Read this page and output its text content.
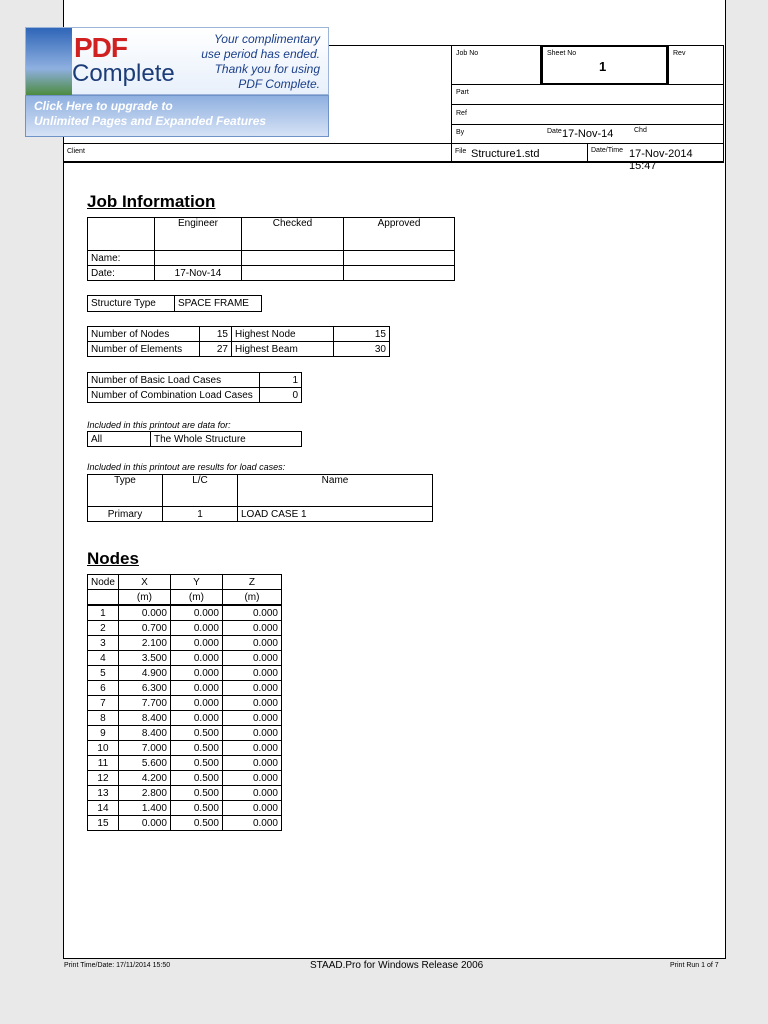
PDF
Complete
Your complimentary
use period has ended.
Thank you for using
PDF Complete.
Click Here to upgrade to
Unlimited Pages and Expanded Features
Job No	Sheet No
1
Rev
Part
Ref
By	Date 17-Nov-14	Chd
Client	File Structure1.std	Date/Time 17-Nov-2014 15:47
Job Information
	Engineer	Checked	Approved
Name:			
Date:	17-Nov-14		
Structure Type	SPACE FRAME
Number of Nodes	15	Highest Node	15
Number of Elements	27	Highest Beam	30
Number of Basic Load Cases	1
Number of Combination Load Cases	0
Included in this printout are data for:
All	The Whole Structure
Included in this printout are results for load cases:
Type	L/C	Name
Primary	1	LOAD CASE 1
Nodes
Node	X	Y	Z
	(m)	(m)	(m)
1	0.000	0.000	0.000
2	0.700	0.000	0.000
3	2.100	0.000	0.000
4	3.500	0.000	0.000
5	4.900	0.000	0.000
6	6.300	0.000	0.000
7	7.700	0.000	0.000
8	8.400	0.000	0.000
9	8.400	0.500	0.000
10	7.000	0.500	0.000
11	5.600	0.500	0.000
12	4.200	0.500	0.000
13	2.800	0.500	0.000
14	1.400	0.500	0.000
15	0.000	0.500	0.000
Print Time/Date: 17/11/2014 15:50	STAAD.Pro for Windows Release 2006	Print Run 1 of 7
